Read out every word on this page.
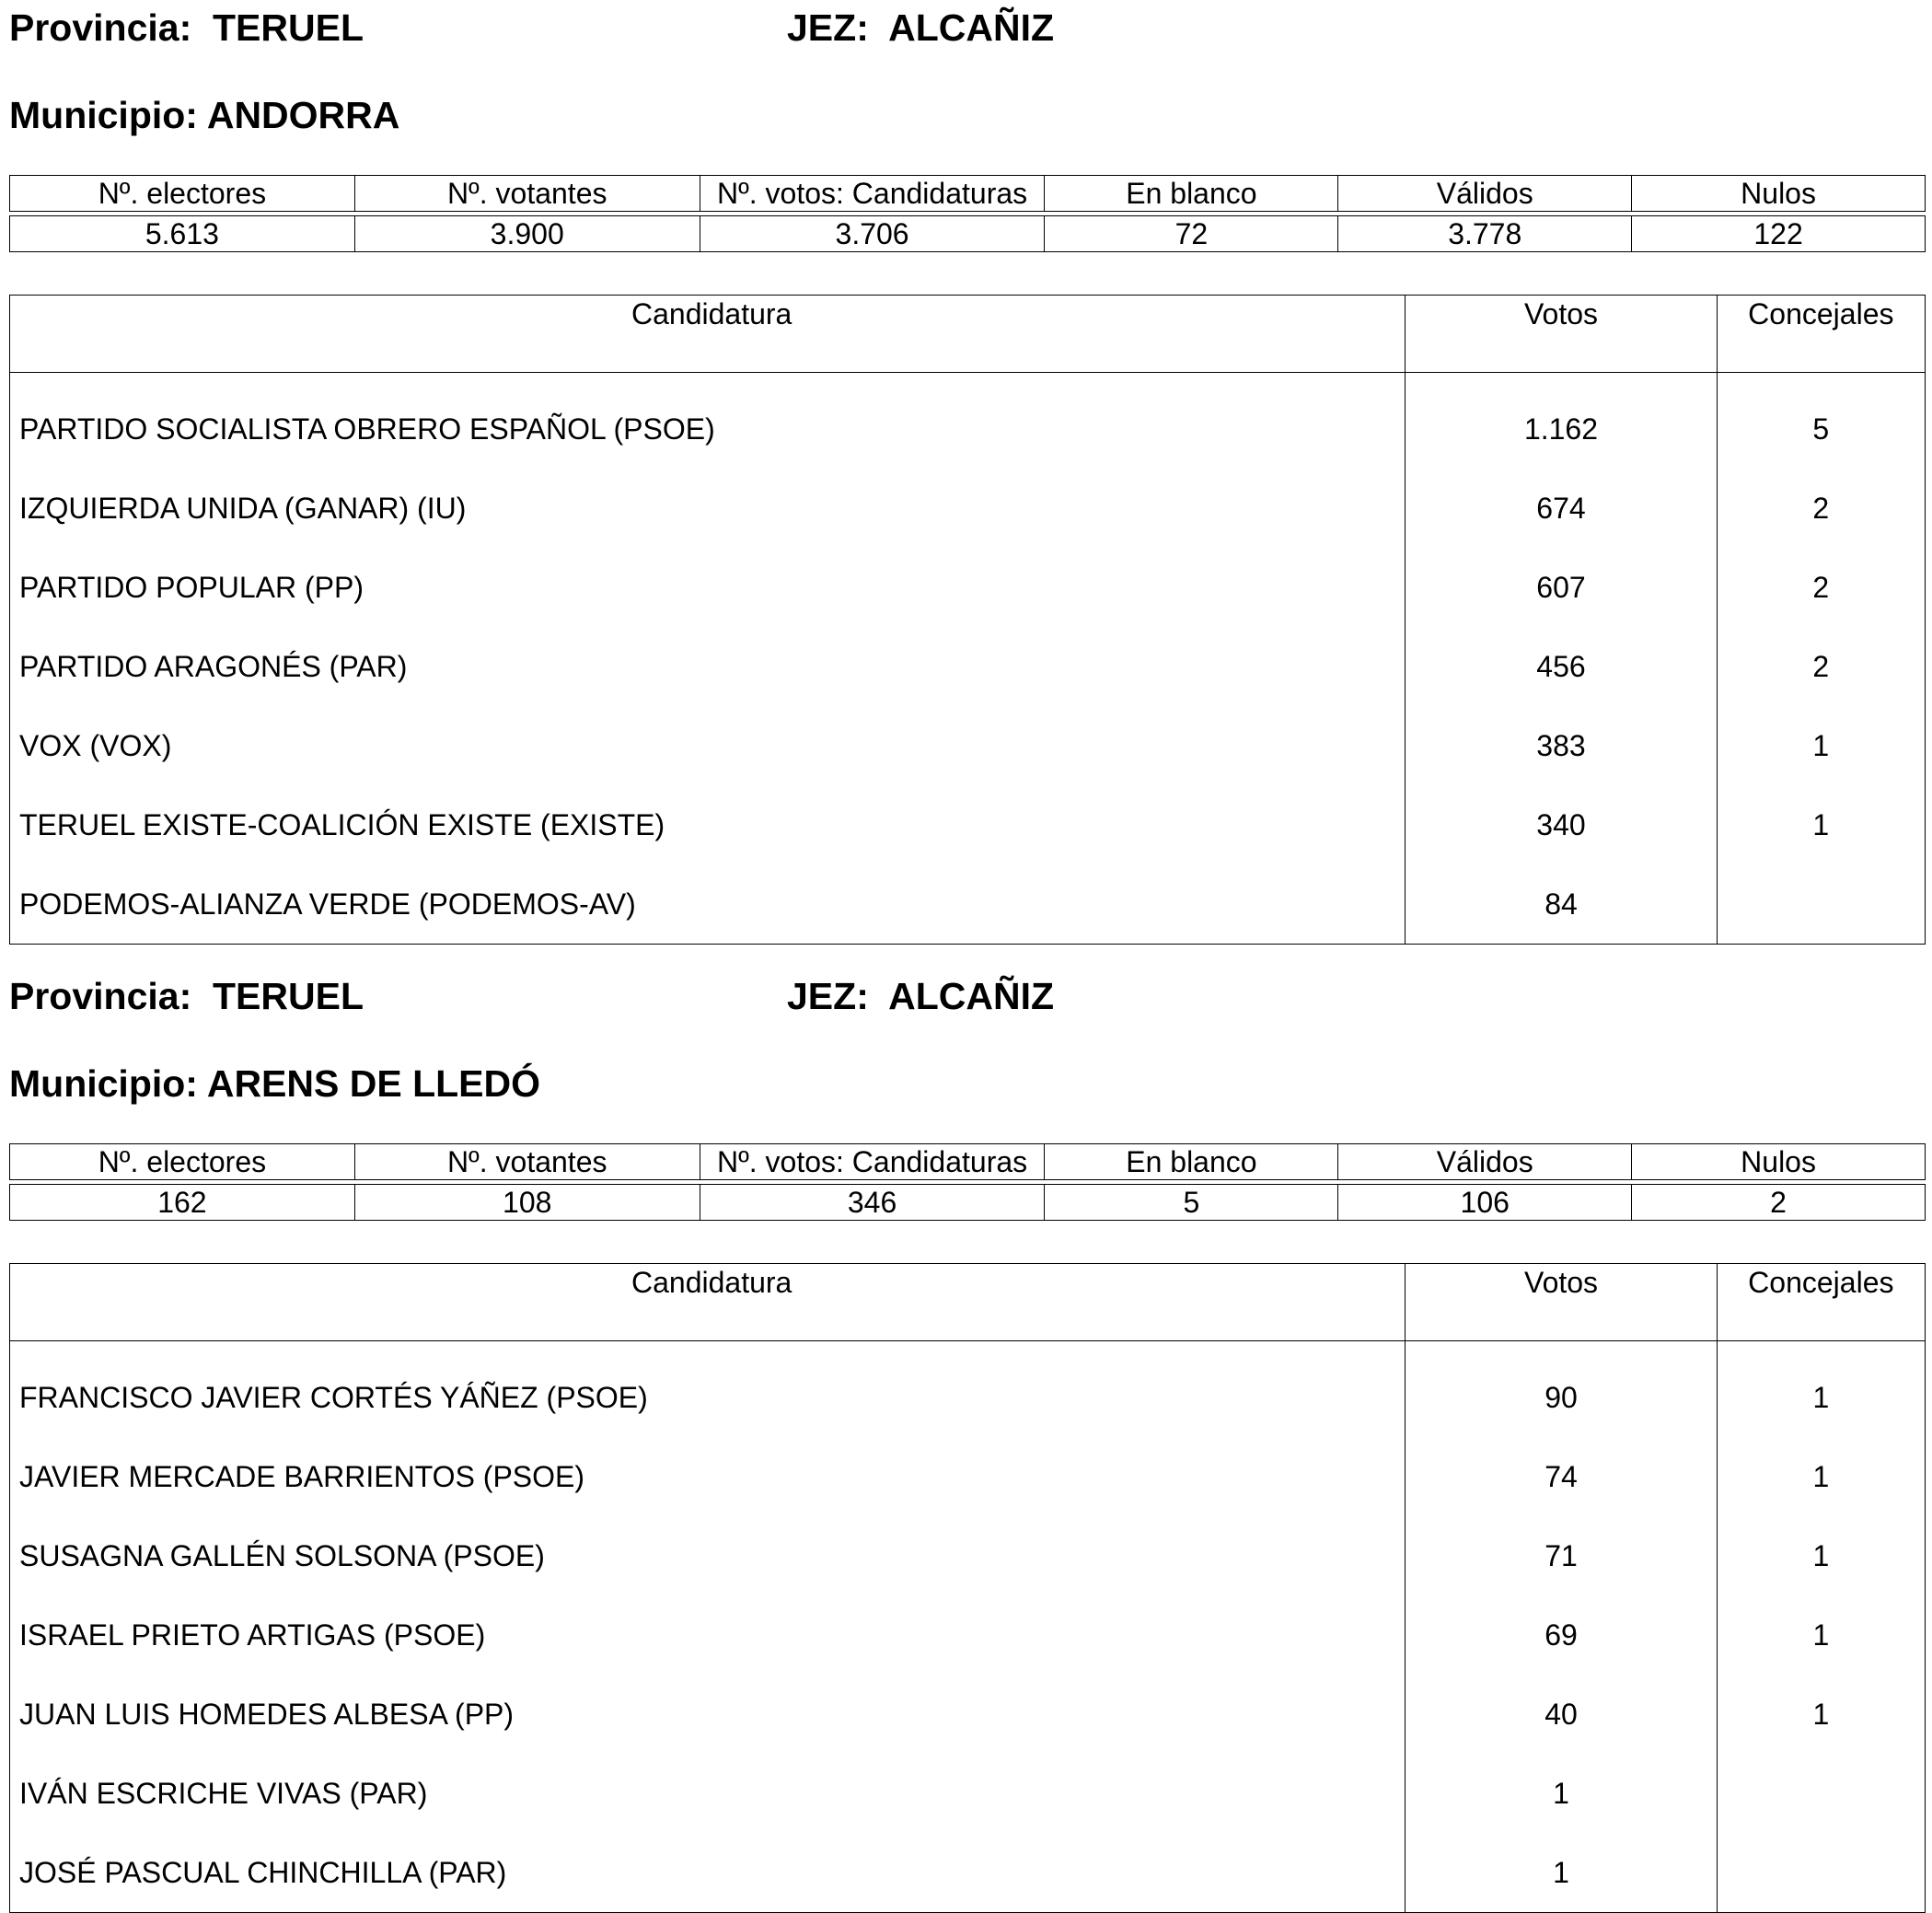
Provincia:  TERUEL	JEZ:  ALCAÑIZ
Municipio: ANDORRA
Nº. electores	Nº. votantes	Nº. votos: Candidaturas	En blanco	Válidos	Nulos

5.613	3.900	3.706	72	3.778	122
Candidatura	Votos	Concejales
PARTIDO SOCIALISTA OBRERO ESPAÑOL (PSOE)	1.162	5
IZQUIERDA UNIDA (GANAR) (IU)	674	2
PARTIDO POPULAR (PP)	607	2
PARTIDO ARAGONÉS (PAR)	456	2
VOX (VOX)	383	1
TERUEL EXISTE-COALICIÓN EXISTE (EXISTE)	340	1
PODEMOS-ALIANZA VERDE (PODEMOS-AV)	84	
Provincia:  TERUEL	JEZ:  ALCAÑIZ
Municipio: ARENS DE LLEDÓ
Nº. electores	Nº. votantes	Nº. votos: Candidaturas	En blanco	Válidos	Nulos

162	108	346	5	106	2
Candidatura	Votos	Concejales
FRANCISCO JAVIER CORTÉS YÁÑEZ (PSOE)	90	1
JAVIER MERCADE BARRIENTOS (PSOE)	74	1
SUSAGNA GALLÉN SOLSONA (PSOE)	71	1
ISRAEL PRIETO ARTIGAS (PSOE)	69	1
JUAN LUIS HOMEDES ALBESA (PP)	40	1
IVÁN ESCRICHE VIVAS (PAR)	1	
JOSÉ PASCUAL CHINCHILLA (PAR)	1	
